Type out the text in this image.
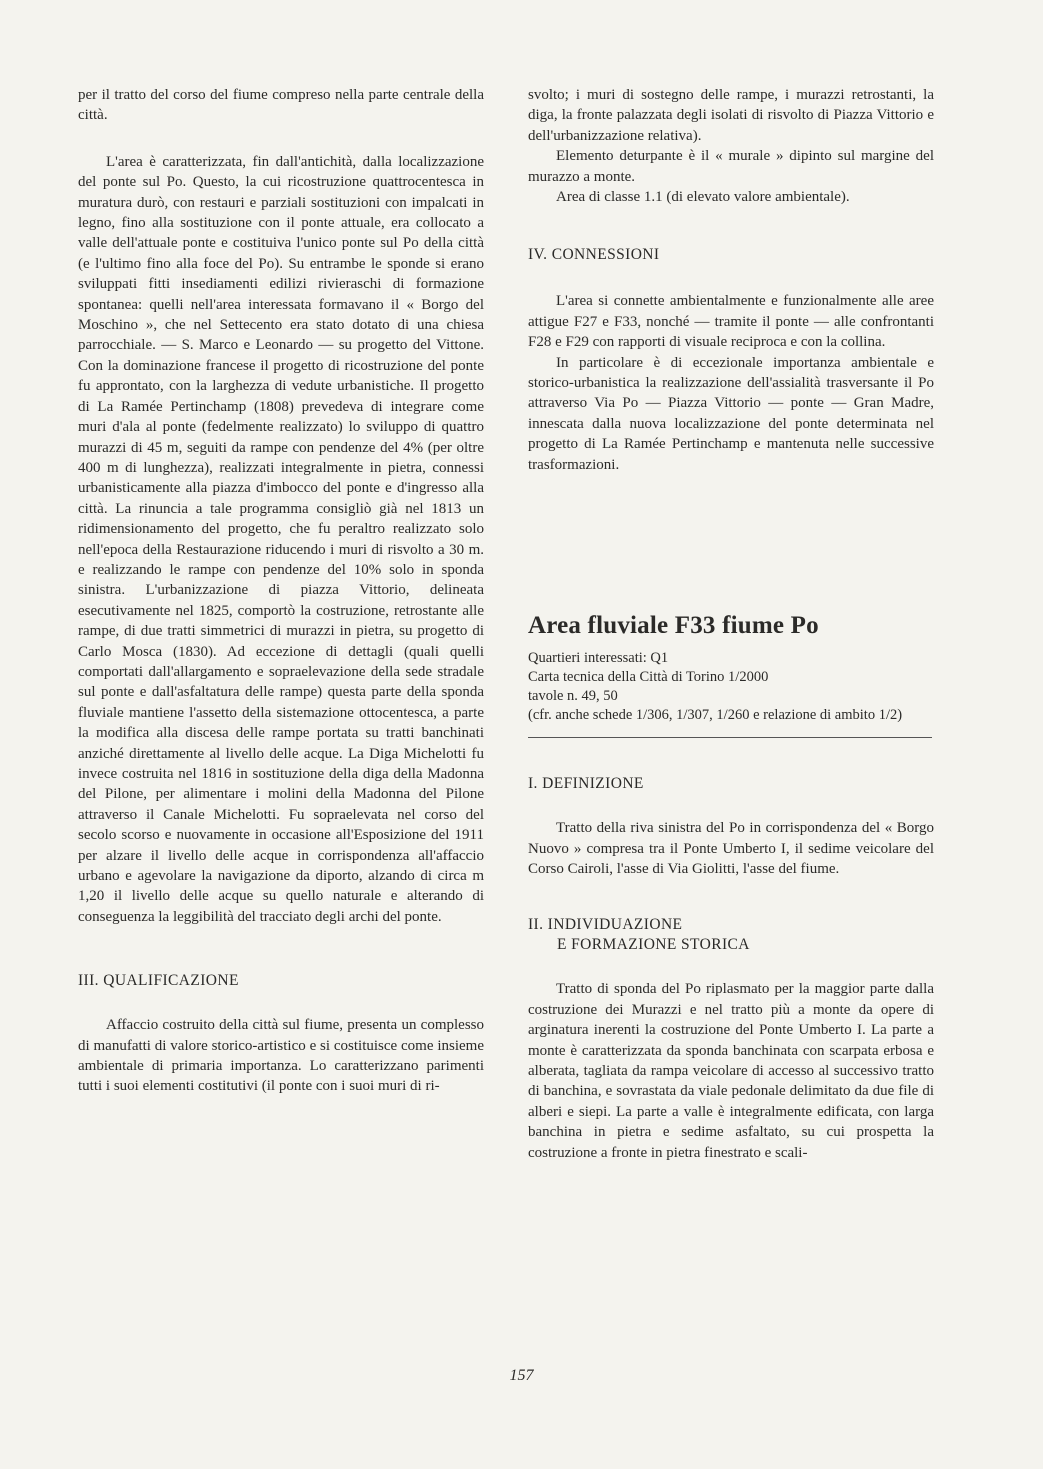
per il tratto del corso del fiume compreso nella parte centrale della città.

L'area è caratterizzata, fin dall'antichità, dalla localizzazione del ponte sul Po. Questo, la cui ricostruzione quattrocentesca in muratura durò, con restauri e parziali sostituzioni con impalcati in legno, fino alla sostituzione con il ponte attuale, era collocato a valle dell'attuale ponte e costituiva l'unico ponte sul Po della città (e l'ultimo fino alla foce del Po). Su entrambe le sponde si erano sviluppati fitti insediamenti edilizi rivieraschi di formazione spontanea: quelli nell'area interessata formavano il « Borgo del Moschino », che nel Settecento era stato dotato di una chiesa parrocchiale. — S. Marco e Leonardo — su progetto del Vittone. Con la dominazione francese il progetto di ricostruzione del ponte fu approntato, con la larghezza di vedute urbanistiche. Il progetto di La Ramée Pertinchamp (1808) prevedeva di integrare come muri d'ala al ponte (fedelmente realizzato) lo sviluppo di quattro murazzi di 45 m, seguiti da rampe con pendenze del 4% (per oltre 400 m di lunghezza), realizzati integralmente in pietra, connessi urbanisticamente alla piazza d'imbocco del ponte e d'ingresso alla città. La rinuncia a tale programma consigliò già nel 1813 un ridimensionamento del progetto, che fu peraltro realizzato solo nell'epoca della Restaurazione riducendo i muri di risvolto a 30 m. e realizzando le rampe con pendenze del 10% solo in sponda sinistra. L'urbanizzazione di piazza Vittorio, delineata esecutivamente nel 1825, comportò la costruzione, retrostante alle rampe, di due tratti simmetrici di murazzi in pietra, su progetto di Carlo Mosca (1830). Ad eccezione di dettagli (quali quelli comportati dall'allargamento e sopraelevazione della sede stradale sul ponte e dall'asfaltatura delle rampe) questa parte della sponda fluviale mantiene l'assetto della sistemazione ottocentesca, a parte la modifica alla discesa delle rampe portata su tratti banchinati anziché direttamente al livello delle acque. La Diga Michelotti fu invece costruita nel 1816 in sostituzione della diga della Madonna del Pilone, per alimentare i molini della Madonna del Pilone attraverso il Canale Michelotti. Fu sopraelevata nel corso del secolo scorso e nuovamente in occasione all'Esposizione del 1911 per alzare il livello delle acque in corrispondenza all'affaccio urbano e agevolare la navigazione da diporto, alzando di circa m 1,20 il livello delle acque su quello naturale e alterando di conseguenza la leggibilità del tracciato degli archi del ponte.

III. QUALIFICAZIONE

Affaccio costruito della città sul fiume, presenta un complesso di manufatti di valore storico-artistico e si costituisce come insieme ambientale di primaria importanza. Lo caratterizzano parimenti tutti i suoi elementi costitutivi (il ponte con i suoi muri di ri-

svolto; i muri di sostegno delle rampe, i murazzi retrostanti, la diga, la fronte palazzata degli isolati di risvolto di Piazza Vittorio e dell'urbanizzazione relativa).

Elemento deturpante è il « murale » dipinto sul margine del murazzo a monte.

Area di classe 1.1 (di elevato valore ambientale).

IV. CONNESSIONI

L'area si connette ambientalmente e funzionalmente alle aree attigue F27 e F33, nonché — tramite il ponte — alle confrontanti F28 e F29 con rapporti di visuale reciproca e con la collina.

In particolare è di eccezionale importanza ambientale e storico-urbanistica la realizzazione dell'assialità trasversante il Po attraverso Via Po — Piazza Vittorio — ponte — Gran Madre, innescata dalla nuova localizzazione del ponte determinata nel progetto di La Ramée Pertinchamp e mantenuta nelle successive trasformazioni.

Area fluviale F33 fiume Po
Quartieri interessati: Q1
Carta tecnica della Città di Torino 1/2000
tavole n. 49, 50
(cfr. anche schede 1/306, 1/307, 1/260 e relazione di ambito 1/2)
I. DEFINIZIONE

Tratto della riva sinistra del Po in corrispondenza del « Borgo Nuovo » compresa tra il Ponte Umberto I, il sedime veicolare del Corso Cairoli, l'asse di Via Giolitti, l'asse del fiume.

II. INDIVIDUAZIONE
E FORMAZIONE STORICA

Tratto di sponda del Po riplasmato per la maggior parte dalla costruzione dei Murazzi e nel tratto più a monte da opere di arginatura inerenti la costruzione del Ponte Umberto I. La parte a monte è caratterizzata da sponda banchinata con scarpata erbosa e alberata, tagliata da rampa veicolare di accesso al successivo tratto di banchina, e sovrastata da viale pedonale delimitato da due file di alberi e siepi. La parte a valle è integralmente edificata, con larga banchina in pietra e sedime asfaltato, su cui prospetta la costruzione a fronte in pietra finestrato e scali-

157
